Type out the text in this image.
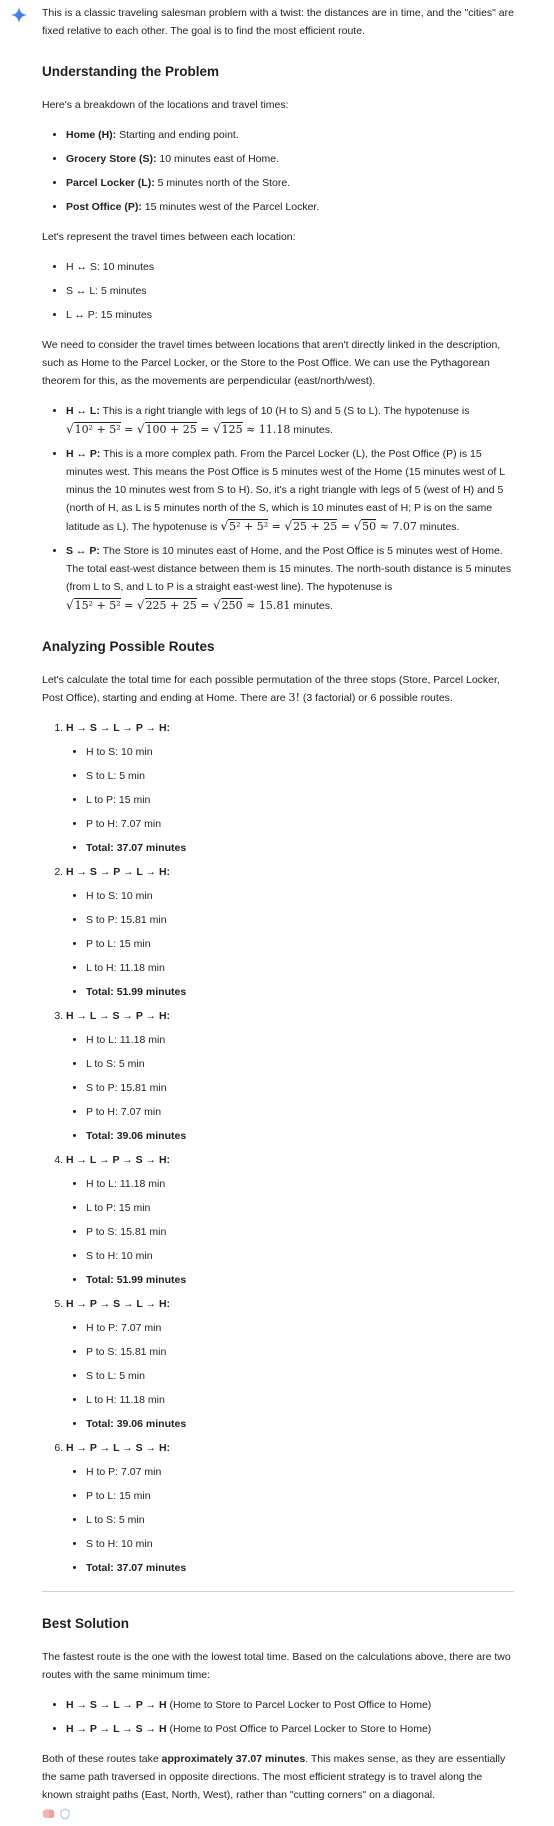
This is a classic traveling salesman problem with a twist: the distances are in time, and the "cities" are fixed relative to each other. The goal is to find the most efficient route.

Understanding the Problem

Here's a breakdown of the locations and travel times:

• Home (H): Starting and ending point.
• Grocery Store (S): 10 minutes east of Home.
• Parcel Locker (L): 5 minutes north of the Store.
• Post Office (P): 15 minutes west of the Parcel Locker.

Let's represent the travel times between each location:

• H ↔ S: 10 minutes
• S ↔ L: 5 minutes
• L ↔ P: 15 minutes

We need to consider the travel times between locations that aren't directly linked in the description, such as Home to the Parcel Locker, or the Store to the Post Office. We can use the Pythagorean theorem for this, as the movements are perpendicular (east/north/west).

• H ↔ L: This is a right triangle with legs of 10 (H to S) and 5 (S to L). The hypotenuse is √10² + 5² = √100 + 25 = √125 ≈ 11.18 minutes.
• H ↔ P: This is a more complex path. From the Parcel Locker (L), the Post Office (P) is 15 minutes west. This means the Post Office is 5 minutes west of the Home (15 minutes west of L minus the 10 minutes west from S to H). So, it's a right triangle with legs of 5 (west of H) and 5 (north of H, as L is 5 minutes north of the S, which is 10 minutes east of H; P is on the same latitude as L). The hypotenuse is √5² + 5² = √25 + 25 = √50 ≈ 7.07 minutes.
• S ↔ P: The Store is 10 minutes east of Home, and the Post Office is 5 minutes west of Home. The total east-west distance between them is 15 minutes. The north-south distance is 5 minutes (from L to S, and L to P is a straight east-west line). The hypotenuse is √15² + 5² = √225 + 25 = √250 ≈ 15.81 minutes.
Analyzing Possible Routes

Let's calculate the total time for each possible permutation of the three stops (Store, Parcel Locker, Post Office), starting and ending at Home. There are 3! (3 factorial) or 6 possible routes.

1. H → S → L → P → H:
• H to S: 10 min
• S to L: 5 min
• L to P: 15 min
• P to H: 7.07 min
• Total: 37.07 minutes
2. H → S → P → L → H:
• H to S: 10 min
• S to P: 15.81 min
• P to L: 15 min
• L to H: 11.18 min
• Total: 51.99 minutes
3. H → L → S → P → H:
• H to L: 11.18 min
• L to S: 5 min
• S to P: 15.81 min
• P to H: 7.07 min
• Total: 39.06 minutes
4. H → L → P → S → H:
• H to L: 11.18 min
• L to P: 15 min
• P to S: 15.81 min
• S to H: 10 min
• Total: 51.99 minutes
5. H → P → S → L → H:
• H to P: 7.07 min
• P to S: 15.81 min
• S to L: 5 min
• L to H: 11.18 min
• Total: 39.06 minutes
6. H → P → L → S → H:
• H to P: 7.07 min
• P to L: 15 min
• L to S: 5 min
• S to H: 10 min
• Total: 37.07 minutes
Best Solution

The fastest route is the one with the lowest total time. Based on the calculations above, there are two routes with the same minimum time:

• H → S → L → P → H (Home to Store to Parcel Locker to Post Office to Home)
• H → P → L → S → H (Home to Post Office to Parcel Locker to Store to Home)

Both of these routes take approximately 37.07 minutes. This makes sense, as they are essentially the same path traversed in opposite directions. The most efficient strategy is to travel along the known straight paths (East, North, West), rather than "cutting corners" on a diagonal.
